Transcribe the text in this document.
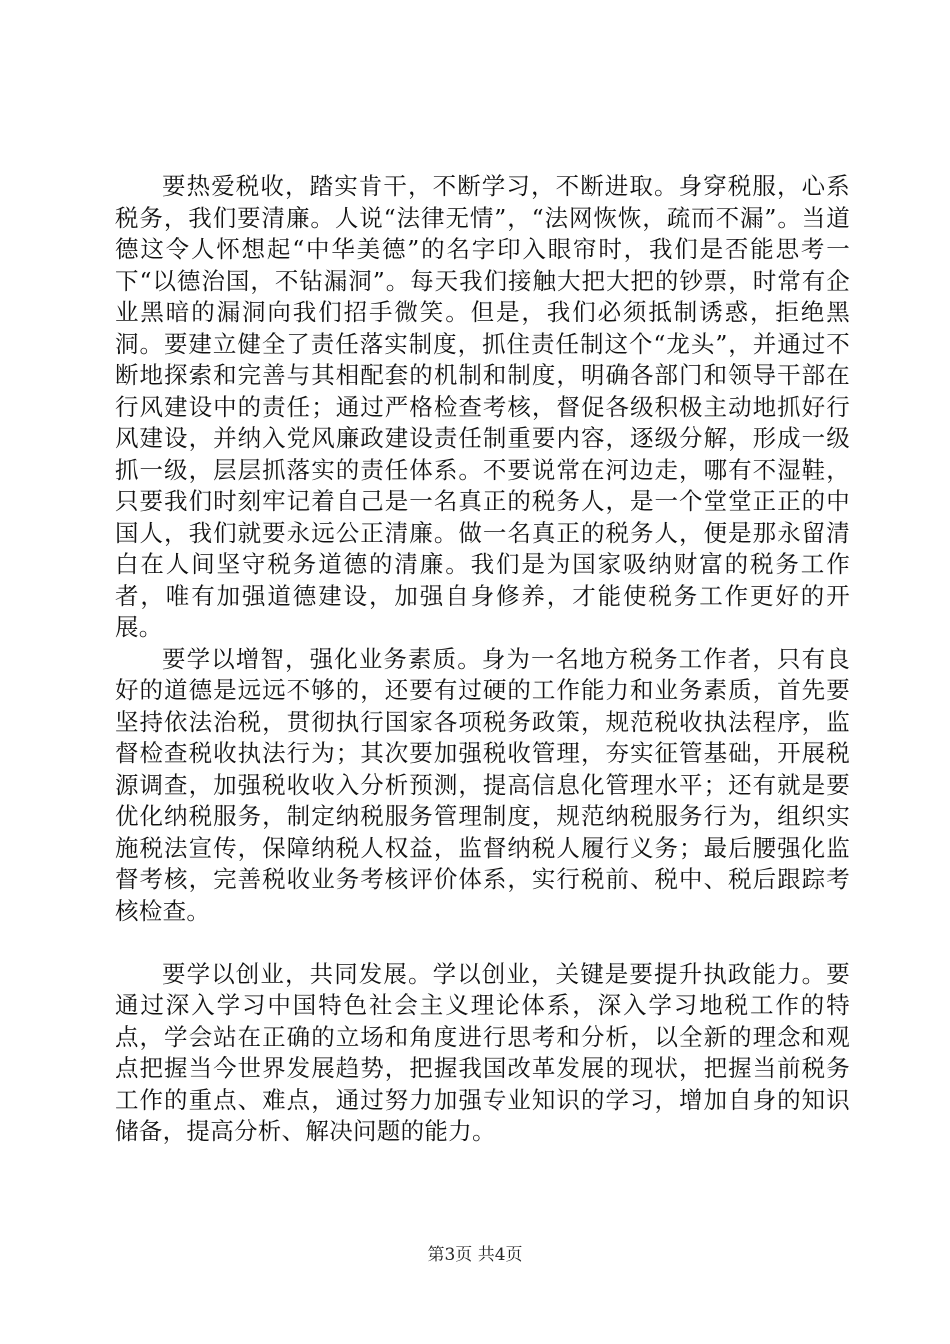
要热爱税收，踏实肯干，不断学习，不断进取。身穿税服，心系税务，我们要清廉。人说“法律无情”，“法网恢恢，疏而不漏”。当道德这令人怀想起“中华美德”的名字印入眼帘时，我们是否能思考一下“以德治国，不钻漏洞”。每天我们接触大把大把的钞票，时常有企业黑暗的漏洞向我们招手微笑。但是，我们必须抵制诱惑，拒绝黑洞。要建立健全了责任落实制度，抓住责任制这个“龙头”，并通过不断地探索和完善与其相配套的机制和制度，明确各部门和领导干部在行风建设中的责任；通过严格检查考核，督促各级积极主动地抓好行风建设，并纳入党风廉政建设责任制重要内容，逐级分解，形成一级抓一级，层层抓落实的责任体系。不要说常在河边走，哪有不湿鞋，只要我们时刻牢记着自己是一名真正的税务人，是一个堂堂正正的中国人，我们就要永远公正清廉。做一名真正的税务人，便是那永留清白在人间坚守税务道德的清廉。我们是为国家吸纳财富的税务工作者，唯有加强道德建设，加强自身修养，才能使税务工作更好的开展。

要学以增智，强化业务素质。身为一名地方税务工作者，只有良好的道德是远远不够的，还要有过硬的工作能力和业务素质，首先要坚持依法治税，贯彻执行国家各项税务政策，规范税收执法程序，监督检查税收执法行为；其次要加强税收管理，夯实征管基础，开展税源调查，加强税收收入分析预测，提高信息化管理水平；还有就是要优化纳税服务，制定纳税服务管理制度，规范纳税服务行为，组织实施税法宣传，保障纳税人权益，监督纳税人履行义务；最后腰强化监督考核，完善税收业务考核评价体系，实行税前、税中、税后跟踪考核检查。

要学以创业，共同发展。学以创业，关键是要提升执政能力。要通过深入学习中国特色社会主义理论体系，深入学习地税工作的特点，学会站在正确的立场和角度进行思考和分析，以全新的理念和观点把握当今世界发展趋势，把握我国改革发展的现状，把握当前税务工作的重点、难点，通过努力加强专业知识的学习，增加自身的知识储备，提高分析、解决问题的能力。

第3页 共4页
